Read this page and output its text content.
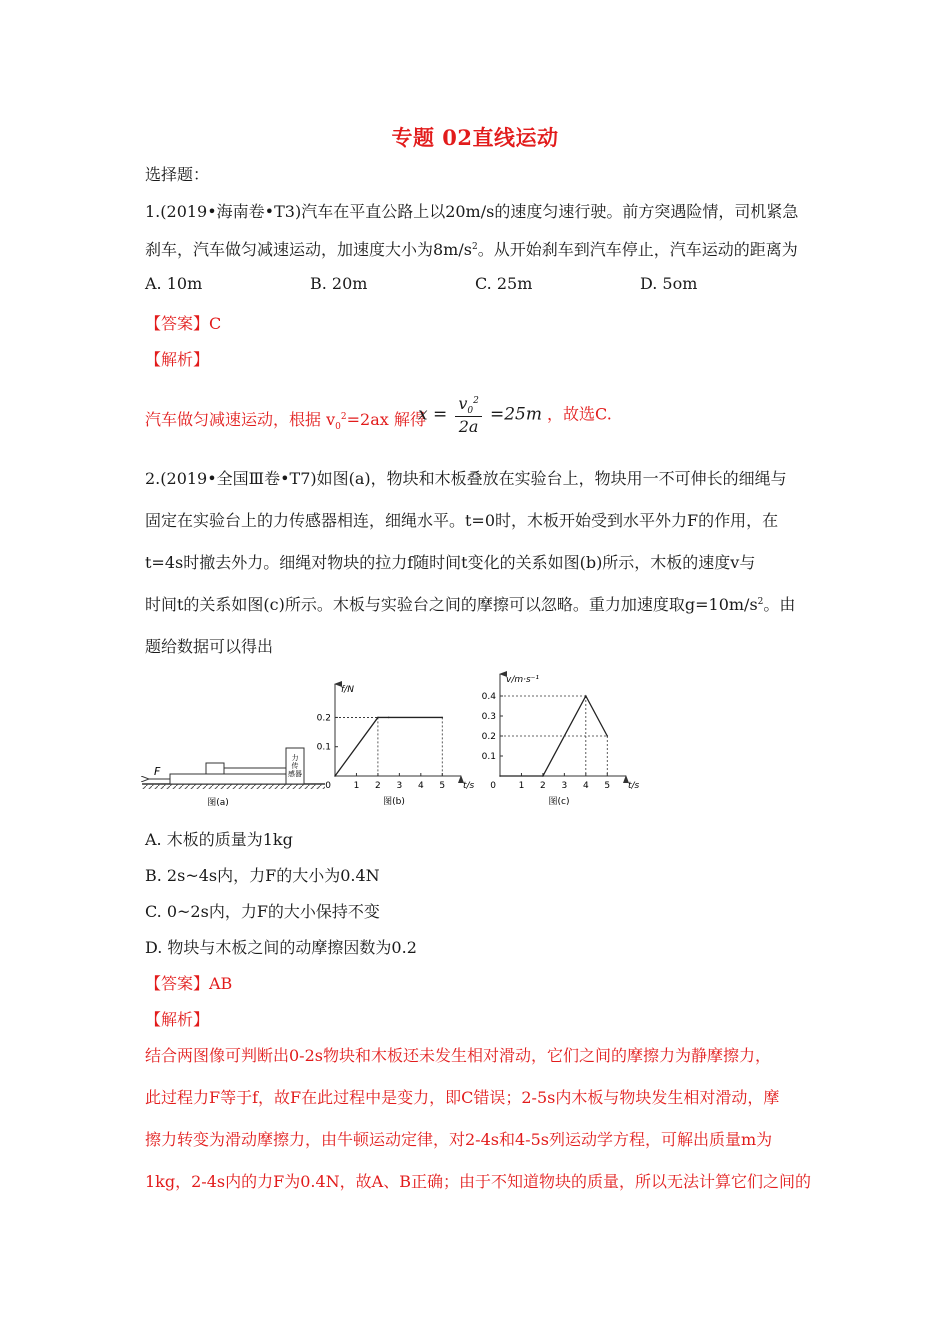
专题 02直线运动
选择题：
1.(2019•海南卷•T3)汽车在平直公路上以20m/s的速度匀速行驶。前方突遇险情，司机紧急
刹车，汽车做匀减速运动，加速度大小为$8m/s^2$。从开始刹车到汽车停止，汽车运动的距离为
A. 10m	B. 20m	C. 25m	D. 5om
【答案】C
【解析】
汽车做匀减速运动，根据 $v_0^2=2ax$ 解得
$x = \frac{v_0^2}{2a} =25m$ ，故选C.
2.(2019•全国Ⅲ卷•T7)如图(a)，物块和木板叠放在实验台上，物块用一不可伸长的细绳与
固定在实验台上的力传感器相连，细绳水平。t=0时，木板开始受到水平外力F的作用，在
t=4s时撤去外力。细绳对物块的拉力f随时间t变化的关系如图(b)所示，木板的速度v与
时间t的关系如图(c)所示。木板与实验台之间的摩擦可以忽略。重力加速度取$g=10m/s^2$。由
题给数据可以得出
力
传
感器
F
图(a)
1 2 3 4 5
0.1
0.2
0
f/N
t/s
图(b)
1 2 3 4 5
0.1
0.2
0.3
0.4
0
v/m·s⁻¹
t/s
图(c)
A. 木板的质量为1kg
B. 2s~4s内，力F的大小为0.4N
C. 0~2s内，力F的大小保持不变
D. 物块与木板之间的动摩擦因数为0.2
【答案】AB
【解析】
结合两图像可判断出0-2s物块和木板还未发生相对滑动，它们之间的摩擦力为静摩擦力，
此过程力F等于f，故F在此过程中是变力，即C错误；2-5s内木板与物块发生相对滑动，摩
擦力转变为滑动摩擦力，由牛顿运动定律，对2-4s和4-5s列运动学方程，可解出质量m为
1kg，2-4s内的力F为0.4N，故A、B正确；由于不知道物块的质量，所以无法计算它们之间的
